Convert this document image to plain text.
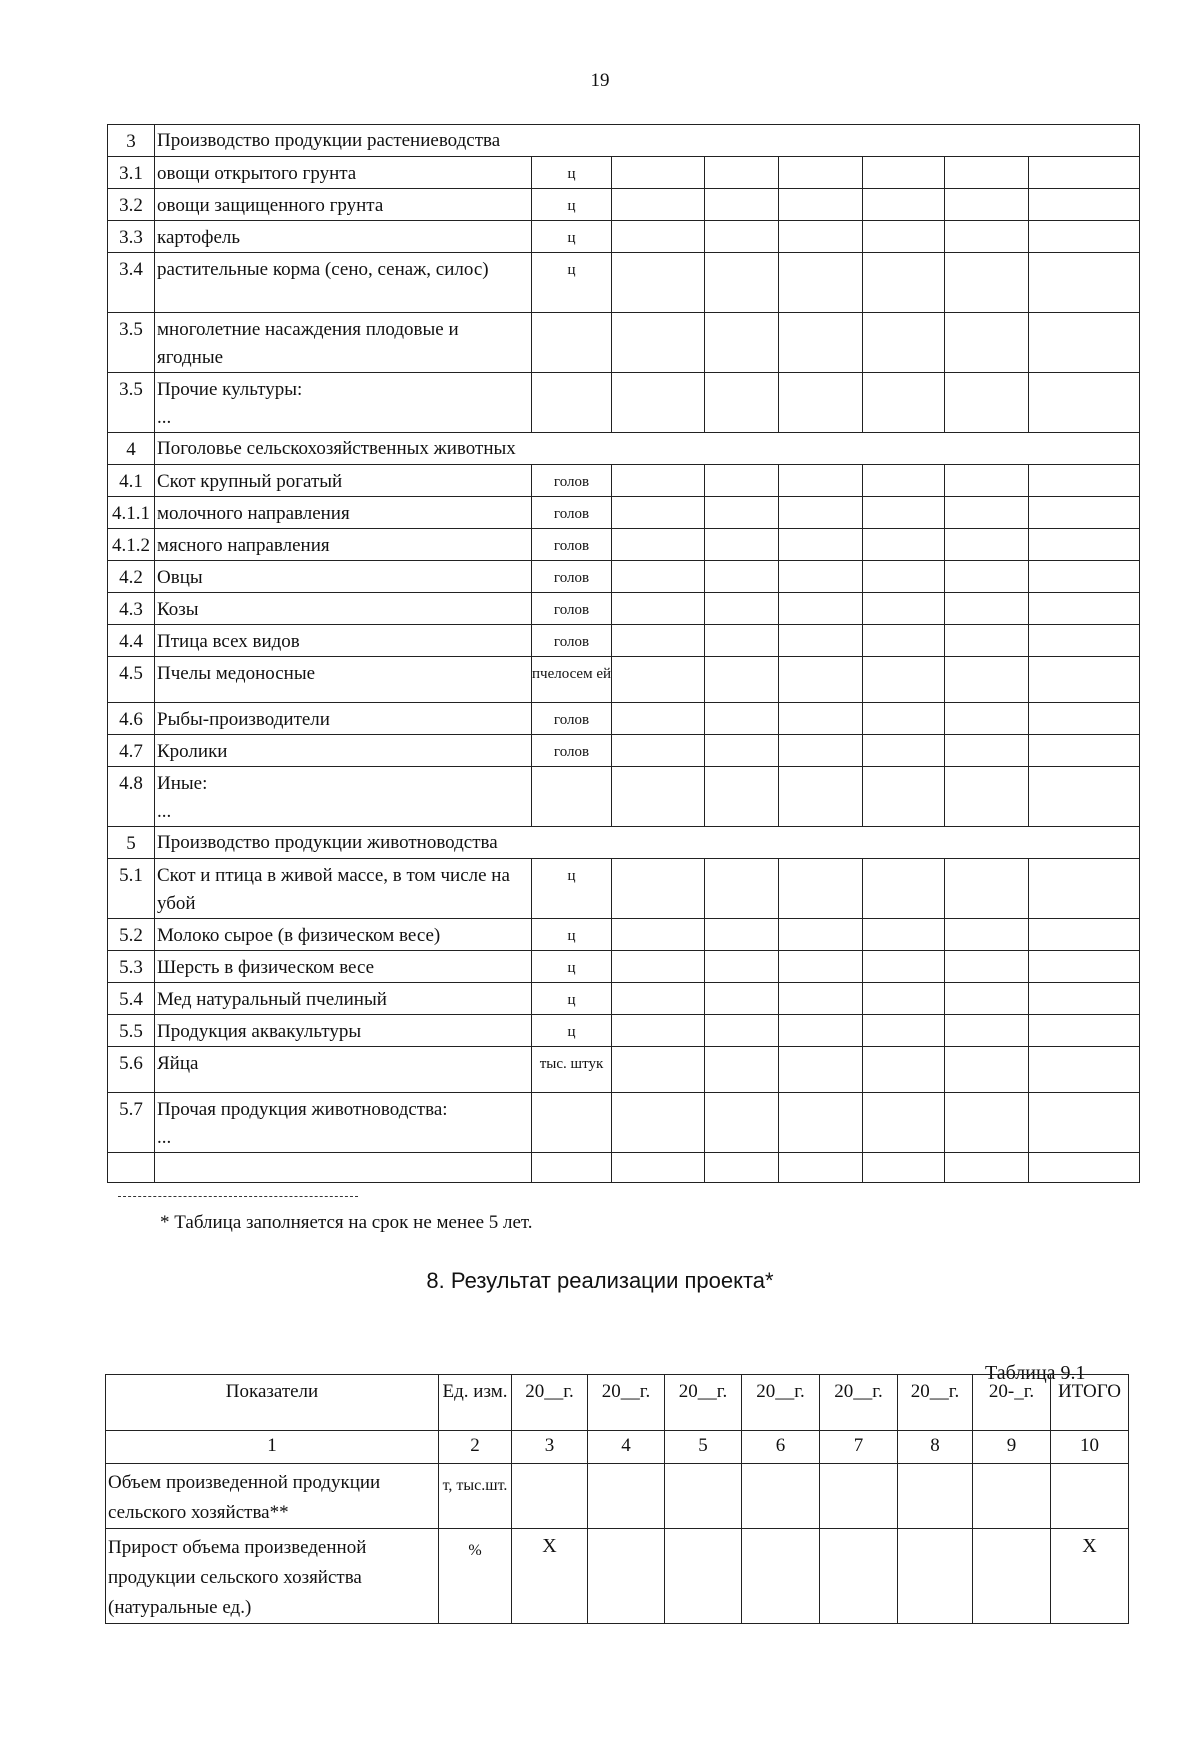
19
3	Производство продукции растениеводства							
3.1	овощи открытого грунта	ц						
3.2	овощи защищенного грунта	ц						
3.3	картофель	ц						
3.4	растительные корма (сено, сенаж, силос)	ц						
3.5	многолетние насаждения плодовые и ягодные							

3.5	Прочие культуры:
...							

4	Поголовье сельскохозяйственных животных							
4.1	Скот крупный рогатый	голов						
4.1.1	молочного направления	голов						
4.1.2	мясного направления	голов						
4.2	Овцы	голов						
4.3	Козы	голов						
4.4	Птица всех видов	голов						
4.5	Пчелы медоносные	пчелосем ей						
4.6	Рыбы-производители	голов						
4.7	Кролики	голов						
4.8	Иные:
...							

5	Производство продукции животноводства							
5.1	Скот и птица в живой массе, в том числе на убой	ц						
5.2	Молоко сырое (в физическом весе)	ц						
5.3	Шерсть в физическом весе	ц						
5.4	Мед натуральный пчелиный	ц						
5.5	Продукция аквакультуры	ц						
5.6	Яйца	тыс. штук						
5.7	Прочая продукция животноводства:
...							

* Таблица заполняется на срок не менее 5 лет.
8. Результат реализации проекта*
Таблица 9.1
Показатели	Ед. изм.	20__г.	20__г.	20__г.	20__г.	20__г.	20__г.	20-_г.	ИТОГО
1	2	3	4	5	6	7	8	9	10
Объем произведенной продукции сельского хозяйства**	т, тыс.шт.								
Прирост объема произведенной продукции сельского хозяйства (натуральные ед.)	%	X							X
